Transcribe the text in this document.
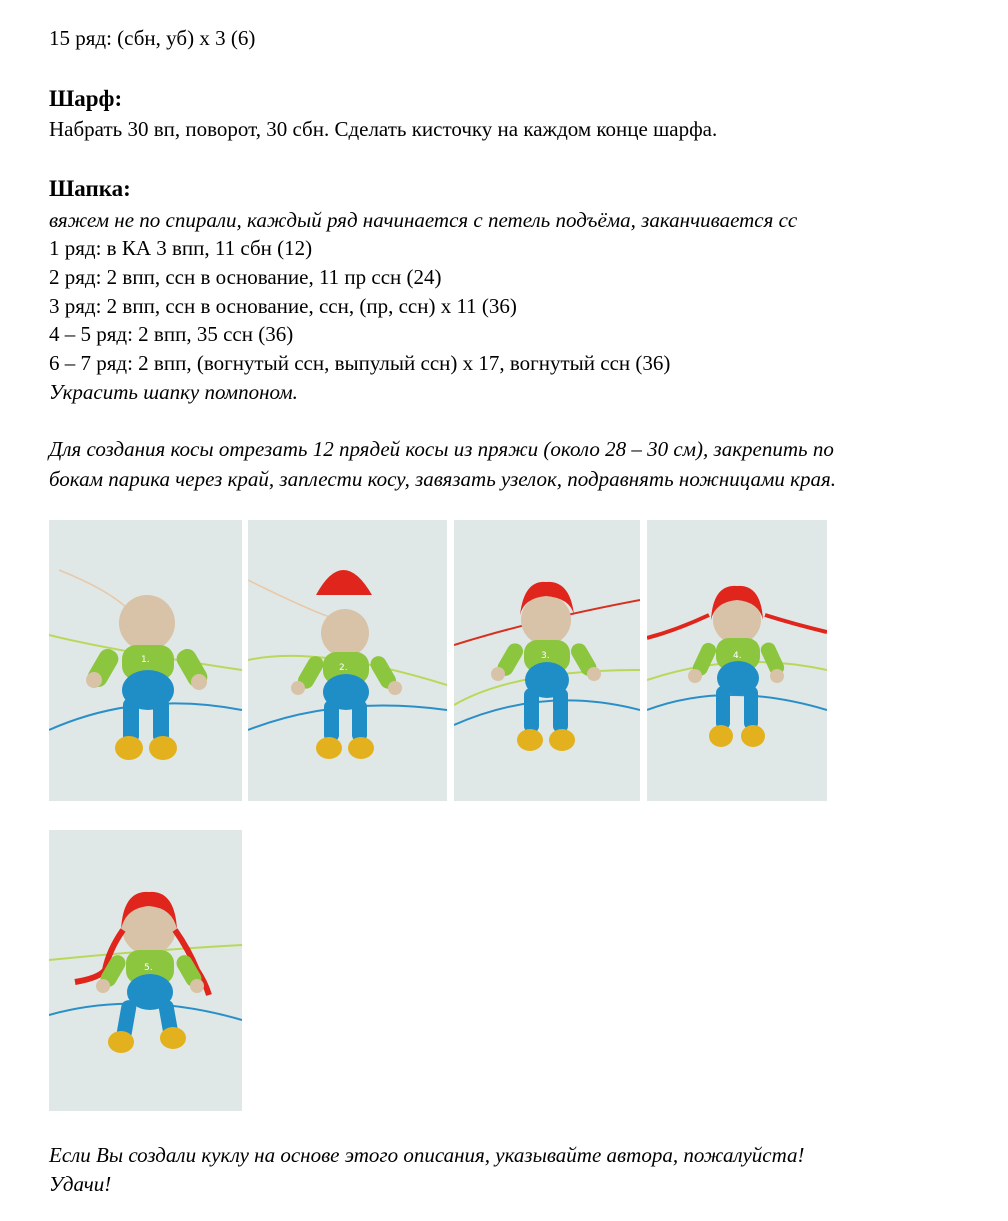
15 ряд: (сбн, уб) х 3 (6)
Шарф:
Набрать 30 вп, поворот, 30 сбн. Сделать кисточку на каждом конце шарфа.
Шапка:
вяжем не по спирали, каждый ряд начинается с петель подъёма, заканчивается сс
1 ряд: в КА 3 впп, 11 сбн (12)
2 ряд: 2 впп, ссн в основание, 11 пр ссн (24)
3 ряд: 2 впп, ссн в основание, ссн, (пр, ссн) х 11 (36)
4 – 5 ряд: 2 впп, 35 ссн (36)
6 – 7 ряд: 2 впп, (вогнутый ссн, выпулый ссн) х 17, вогнутый ссн (36)
Украсить шапку помпоном.
Для создания косы отрезать 12 прядей косы из пряжи (около 28 – 30 см), закрепить по
бокам парика через край, заплести косу, завязать узелок, подравнять ножницами края.
1.
2.
3.	4.
5.
Если Вы создали куклу на основе этого описания, указывайте автора, пожалуйста!
Удачи!
